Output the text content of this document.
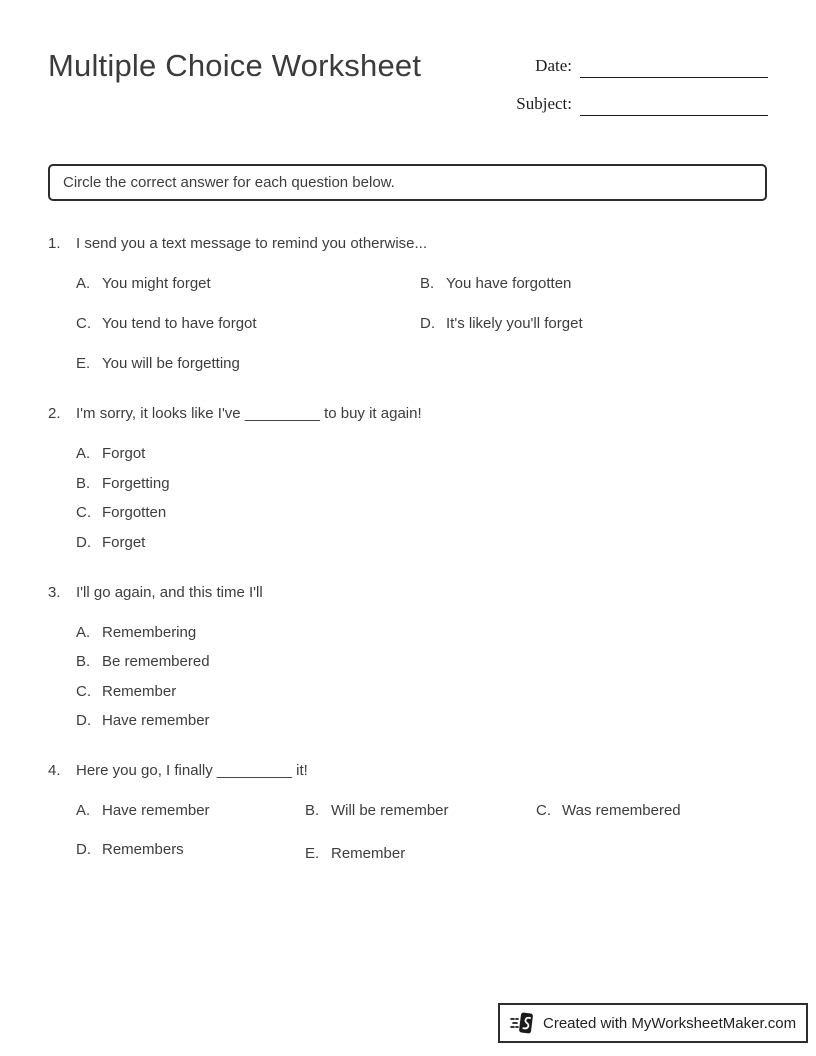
Multiple Choice Worksheet	Date:
Subject:
Circle the correct answer for each question below.
1.	I send you a text message to remind you otherwise...
A. You might forget	B. You have forgotten
C. You tend to have forgot	D. It's likely you'll forget
E. You will be forgetting
2.	I'm sorry, it looks like I've _________ to buy it again!
A. Forgot
B. Forgetting
C. Forgotten
D. Forget
3.	I'll go again, and this time I'll
A. Remembering
B. Be remembered
C. Remember
D. Have remember
4.	Here you go, I finally _________ it!
A. Have remember	B. Will be remember	C. Was remembered
D. Remembers	E. Remember
Created with MyWorksheetMaker.com
